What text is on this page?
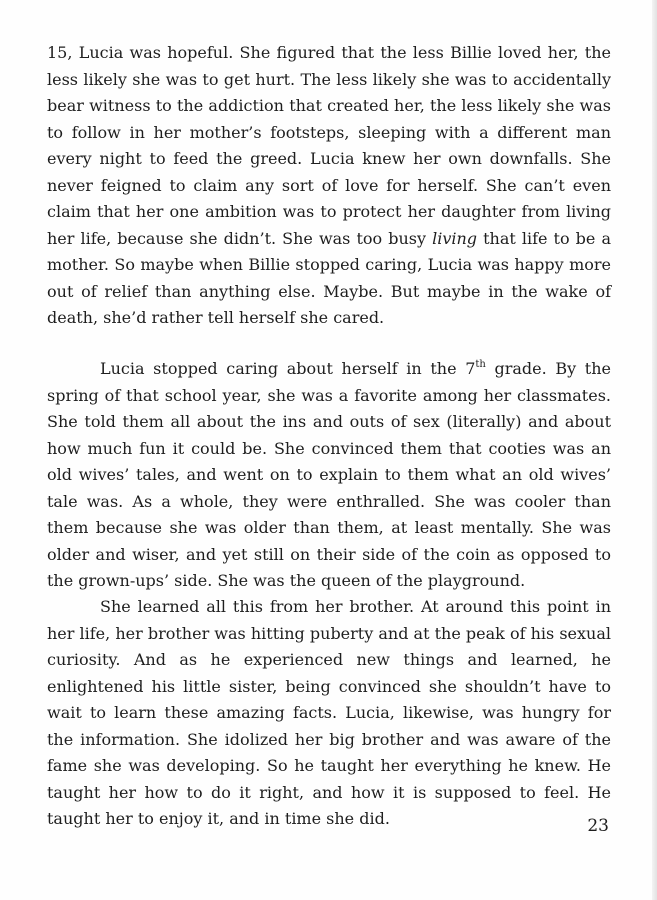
15, Lucia was hopeful. She figured that the less Billie loved her, the less likely she was to get hurt. The less likely she was to accidentally bear witness to the addiction that created her, the less likely she was to follow in her mother’s footsteps, sleeping with a different man every night to feed the greed. Lucia knew her own downfalls. She never feigned to claim any sort of love for herself. She can’t even claim that her one ambition was to protect her daughter from living her life, because she didn’t. She was too busy living that life to be a mother. So maybe when Billie stopped caring, Lucia was happy more out of relief than anything else. Maybe. But maybe in the wake of death, she’d rather tell herself she cared.

Lucia stopped caring about herself in the 7th grade. By the spring of that school year, she was a favorite among her classmates. She told them all about the ins and outs of sex (literally) and about how much fun it could be. She convinced them that cooties was an old wives’ tales, and went on to explain to them what an old wives’ tale was. As a whole, they were enthralled. She was cooler than them because she was older than them, at least mentally. She was older and wiser, and yet still on their side of the coin as opposed to the grown-ups’ side. She was the queen of the playground.

She learned all this from her brother. At around this point in her life, her brother was hitting puberty and at the peak of his sexual curiosity. And as he experienced new things and learned, he enlightened his little sister, being convinced she shouldn’t have to wait to learn these amazing facts. Lucia, likewise, was hungry for the information. She idolized her big brother and was aware of the fame she was developing. So he taught her everything he knew. He taught her how to do it right, and how it is supposed to feel. He taught her to enjoy it, and in time she did.	23
